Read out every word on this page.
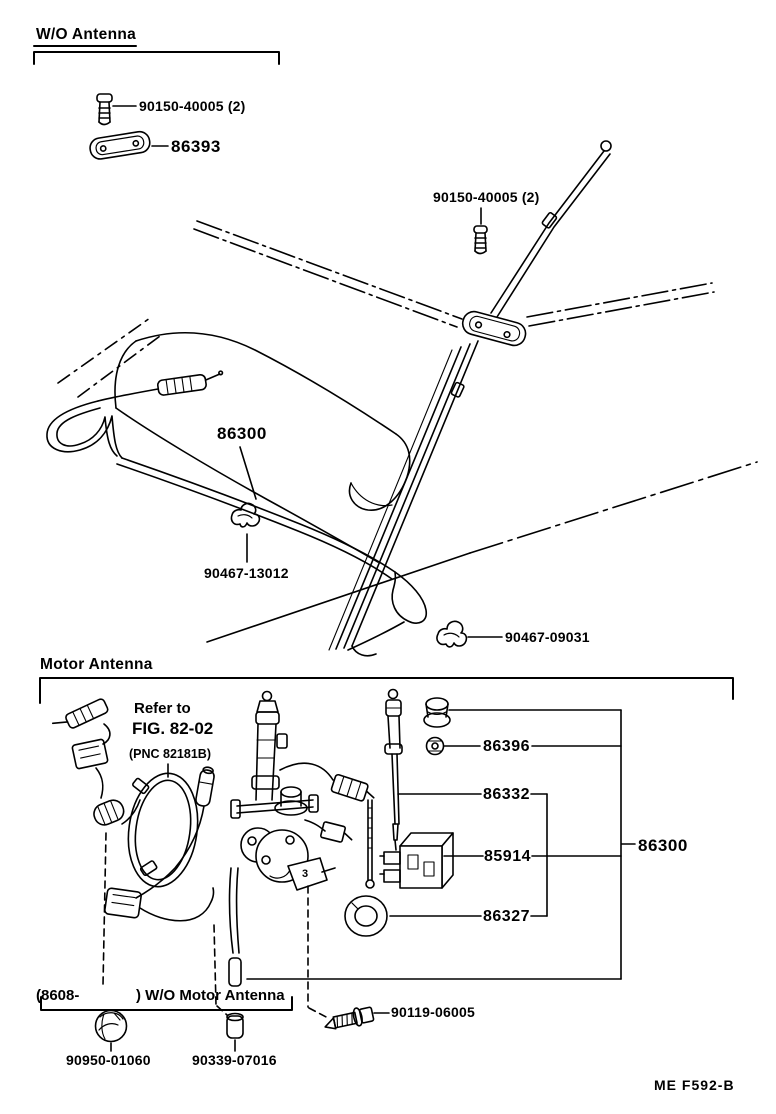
W/O Antenna
90150-40005 (2)
86393
90150-40005 (2)
86300
90467-13012
90467-09031
Motor Antenna
Refer to
FIG. 82-02
(PNC 82181B)	86396
86332
85914
86327
86300
3
(8608-	) W/O Motor Antenna
90119-06005
90950-01060	90339-07016
ME F592-B
